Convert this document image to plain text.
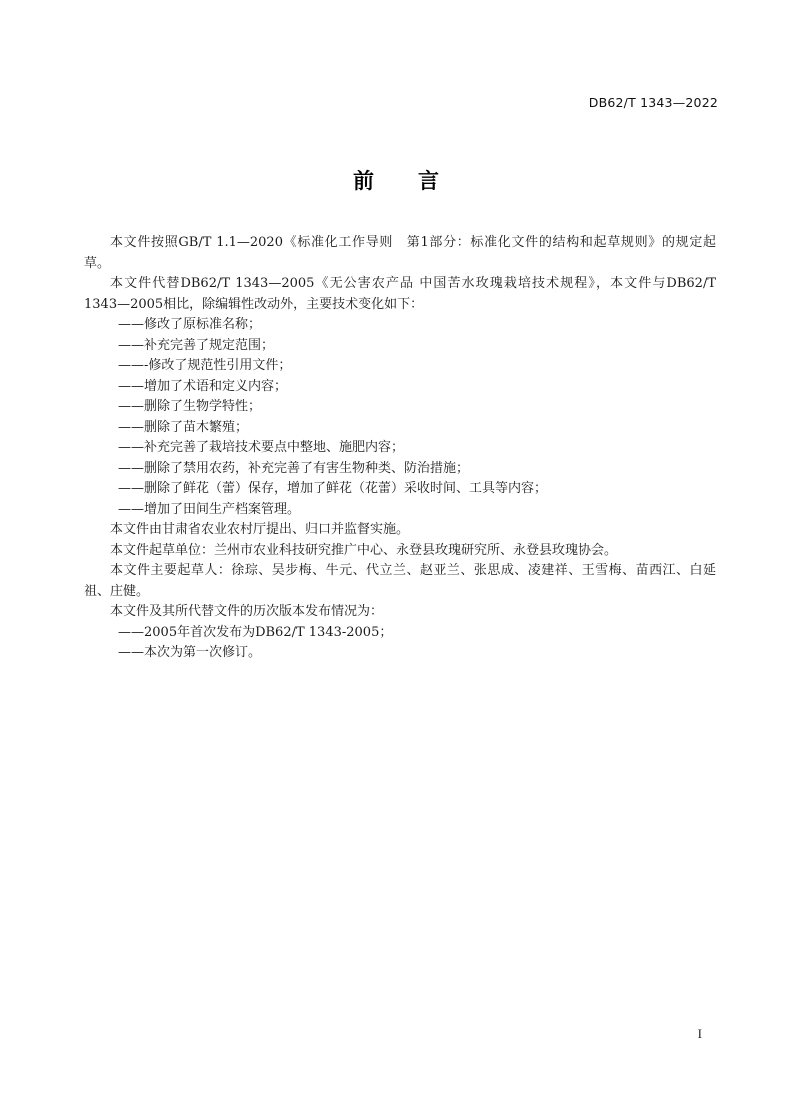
DB62/T 1343—2022

前言

本文件按照GB/T 1.1—2020《标准化工作导则　第1部分：标准化文件的结构和起草规则》的规定起草。

本文件代替DB62/T 1343—2005《无公害农产品 中国苦水玫瑰栽培技术规程》，本文件与DB62/T 1343—2005相比，除编辑性改动外，主要技术变化如下：

——修改了原标准名称；

——补充完善了规定范围；

——-修改了规范性引用文件；

——增加了术语和定义内容；

——删除了生物学特性；

——删除了苗木繁殖；

——补充完善了栽培技术要点中整地、施肥内容；

——删除了禁用农药，补充完善了有害生物种类、防治措施；

——删除了鲜花（蕾）保存，增加了鲜花（花蕾）采收时间、工具等内容；

——增加了田间生产档案管理。

本文件由甘肃省农业农村厅提出、归口并监督实施。

本文件起草单位：兰州市农业科技研究推广中心、永登县玫瑰研究所、永登县玫瑰协会。

本文件主要起草人：徐琮、吴步梅、牛元、代立兰、赵亚兰、张思成、凌建祥、王雪梅、苗西江、白延祖、庄健。

本文件及其所代替文件的历次版本发布情况为：

——2005年首次发布为DB62/T 1343-2005；

——本次为第一次修订。

I
